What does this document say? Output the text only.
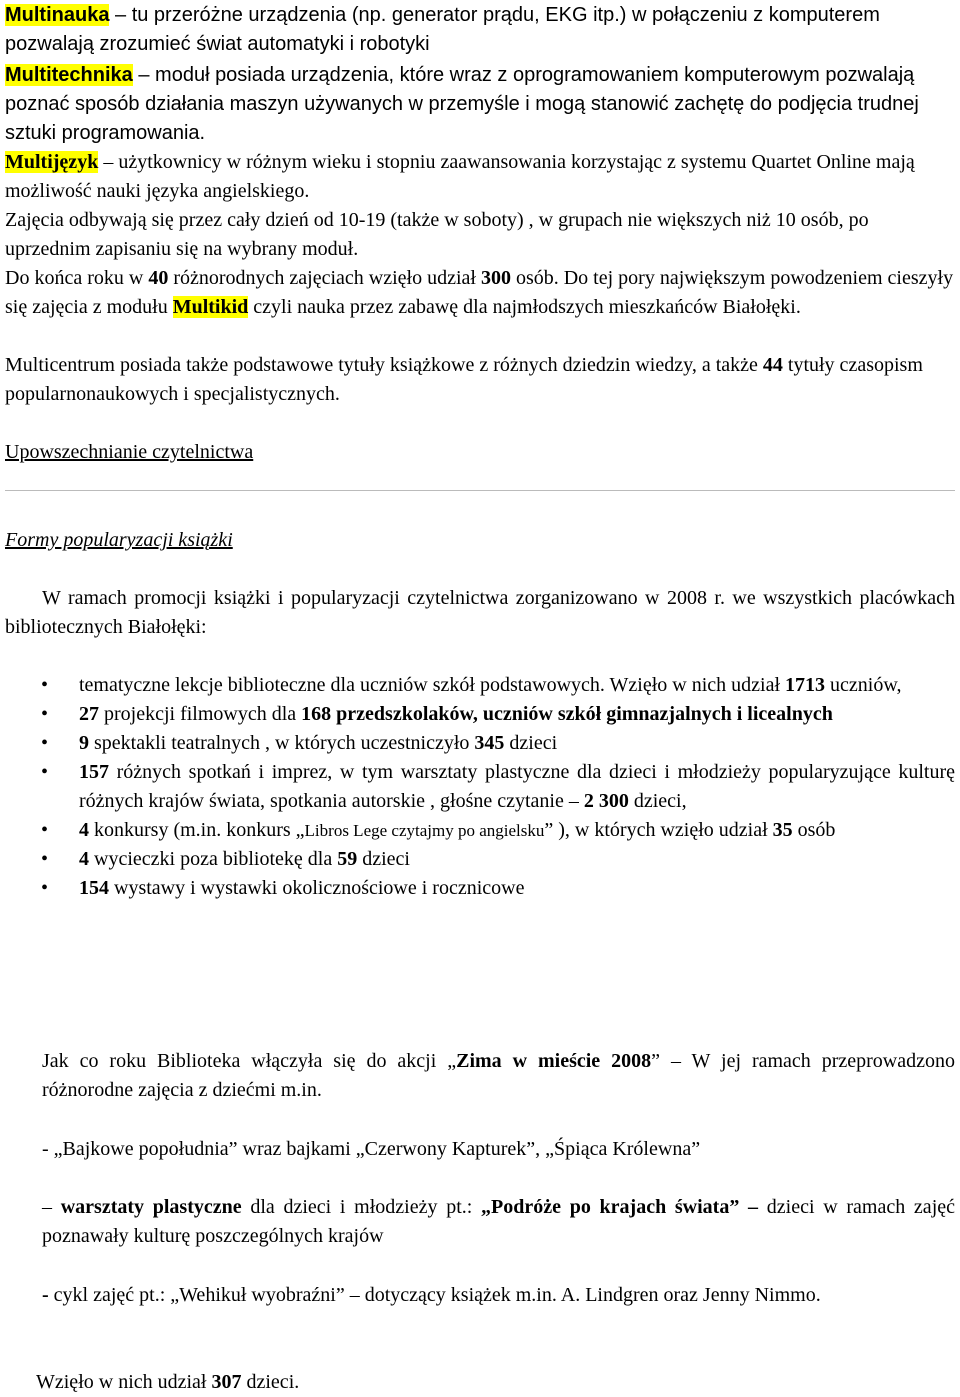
Multinauka – tu przeróżne urządzenia (np. generator prądu, EKG itp.) w połączeniu z komputerem pozwalają zrozumieć świat automatyki i robotyki

Multitechnika – moduł posiada urządzenia, które wraz z oprogramowaniem komputerowym pozwalają poznać sposób działania maszyn używanych w przemyśle i mogą stanowić zachętę do podjęcia trudnej sztuki programowania.

Multijęzyk – użytkownicy w różnym wieku i stopniu zaawansowania korzystając z systemu Quartet Online mają możliwość nauki języka angielskiego.

Zajęcia odbywają się przez cały dzień od 10-19 (także w soboty) , w grupach nie większych niż 10 osób, po uprzednim zapisaniu się na wybrany moduł.

Do końca roku w 40 różnorodnych zajęciach wzięło udział 300 osób. Do tej pory największym powodzeniem cieszyły się zajęcia z modułu Multikid czyli nauka przez zabawę dla najmłodszych mieszkańców Białołęki.

Multicentrum posiada także podstawowe tytuły książkowe z różnych dziedzin wiedzy, a także 44 tytuły czasopism popularnonaukowych i specjalistycznych.

Upowszechnianie czytelnictwa

Formy popularyzacji książki

W ramach promocji książki i popularyzacji czytelnictwa zorganizowano w 2008 r. we wszystkich placówkach bibliotecznych Białołęki:

• tematyczne lekcje biblioteczne dla uczniów szkół podstawowych. Wzięło w nich udział 1713 uczniów,
• 27 projekcji filmowych dla 168 przedszkolaków, uczniów szkół gimnazjalnych i licealnych
• 9 spektakli teatralnych , w których uczestniczyło 345 dzieci
• 157 różnych spotkań i imprez, w tym warsztaty plastyczne dla dzieci i młodzieży popularyzujące kulturę różnych krajów świata, spotkania autorskie , głośne czytanie – 2 300 dzieci,
• 4 konkursy (m.in. konkurs „Libros Lege czytajmy po angielsku” ), w których wzięło udział 35 osób
• 4 wycieczki poza bibliotekę dla 59 dzieci
• 154 wystawy i wystawki okolicznościowe i rocznicowe

Jak co roku Biblioteka włączyła się do akcji „Zima w mieście 2008” – W jej ramach przeprowadzono różnorodne zajęcia z dziećmi m.in.

- „Bajkowe popołudnia” wraz bajkami „Czerwony Kapturek”, „Śpiąca Królewna”

– warsztaty plastyczne dla dzieci i młodzieży pt.: „Podróże po krajach świata” – dzieci w ramach zajęć poznawały kulturę poszczególnych krajów

- cykl zajęć pt.: „Wehikuł wyobraźni” – dotyczący książek m.in. A. Lindgren oraz Jenny Nimmo.

Wzięło w nich udział 307 dzieci.
